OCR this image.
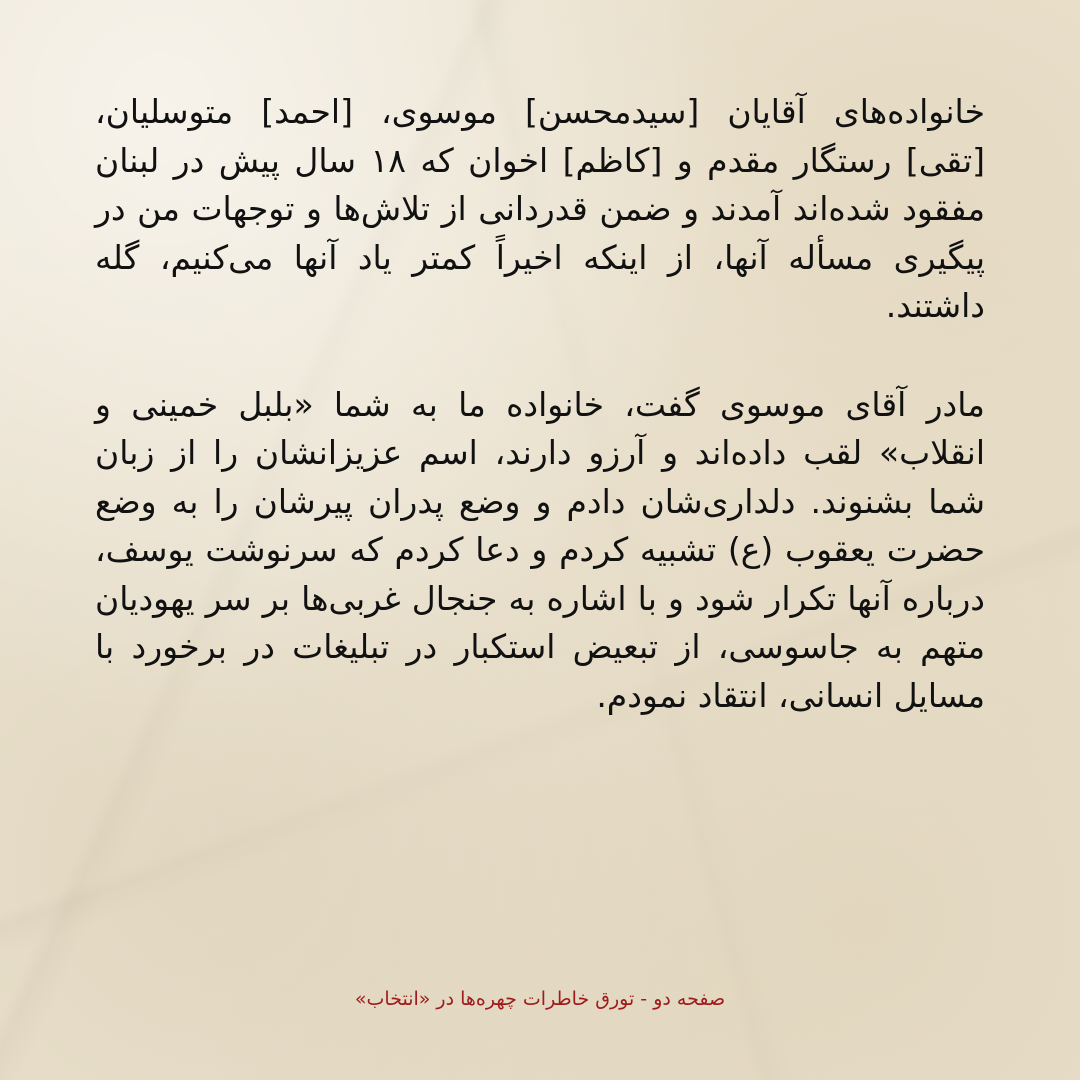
خانواده‌های آقایان [سیدمحسن] موسوی، [احمد] متوسلیان، [تقی] رستگار مقدم و [کاظم] اخوان که ۱۸ سال پیش در لبنان مفقود شده‌اند آمدند و ضمن قدردانی از تلاش‌ها و توجهات من در پیگیری مسأله آنها، از اینکه اخیراً کمتر یاد آنها می‌کنیم، گله داشتند.

مادر آقای موسوی گفت، خانواده ما به شما «بلبل خمینی و انقلاب» لقب داده‌اند و آرزو دارند، اسم عزیزانشان را از زبان شما بشنوند. دلداری‌شان دادم و وضع پدران پیرشان را به وضع حضرت یعقوب (ع) تشبیه کردم و دعا کردم که سرنوشت یوسف، درباره آنها تکرار شود و با اشاره به جنجال غربی‌ها بر سر یهودیان متهم به جاسوسی، از تبعیض استکبار در تبلیغات در برخورد با مسایل انسانی، انتقاد نمودم.

صفحه دو - تورق خاطرات چهره‌ها در «انتخاب»
